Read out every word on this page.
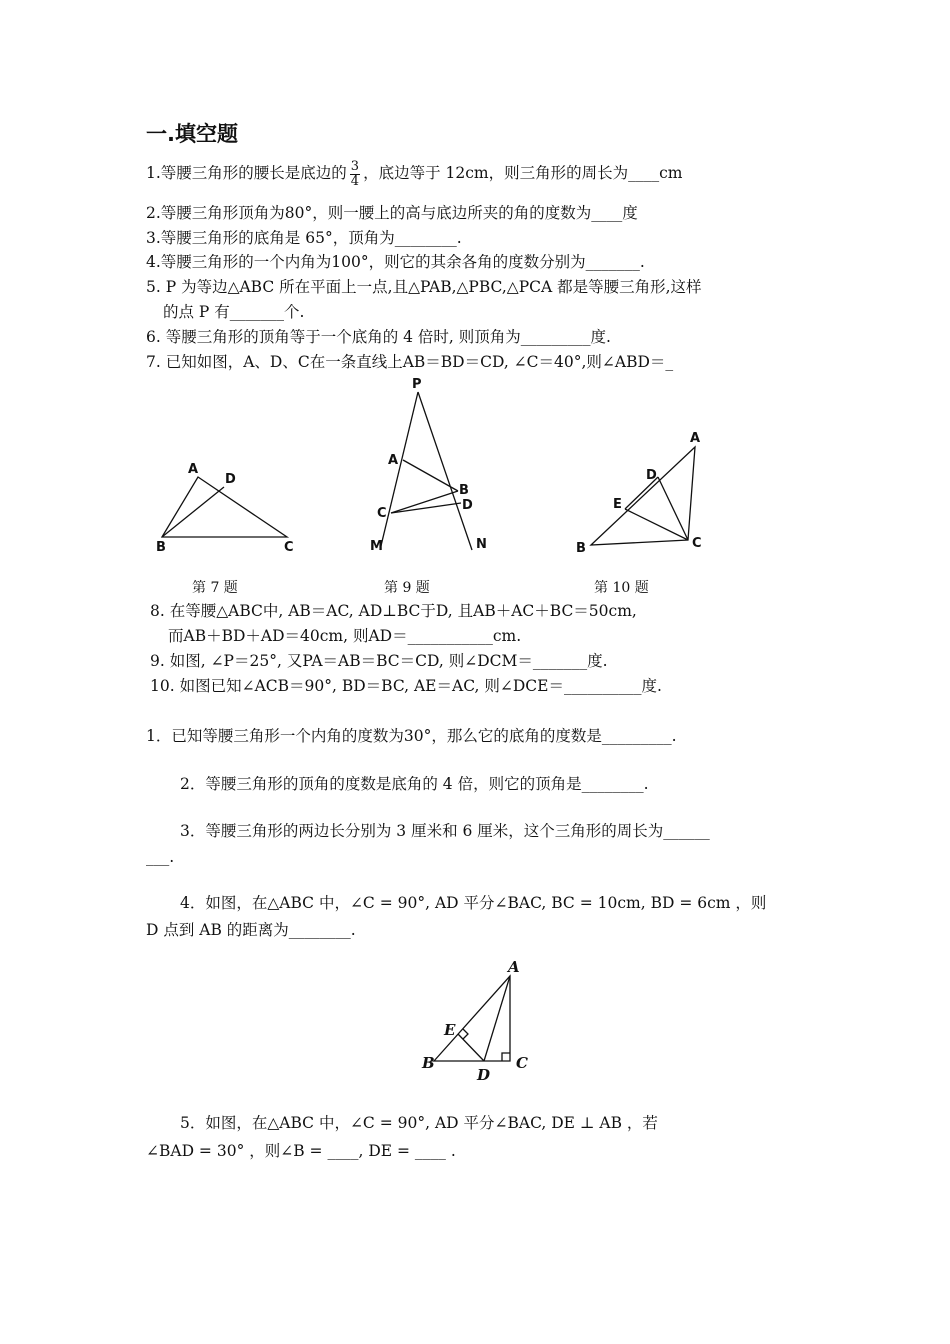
一.填空题
1.等腰三角形的腰长是底边的 $\frac{3}{4}$ ，底边等于 12cm，则三角形的周长为____cm
2.等腰三角形顶角为80°，则一腰上的高与底边所夹的角的度数为____度
3.等腰三角形的底角是 65°，顶角为________.
4.等腰三角形的一个内角为100°，则它的其余各角的度数分别为_______.
5. P 为等边△ABC 所在平面上一点,且△PAB,△PBC,△PCA 都是等腰三角形,这样
的点 P 有_______个.
6. 等腰三角形的顶角等于一个底角的 4 倍时, 则顶角为_________度.
7. 已知如图，A、D、C在一条直线上AB＝BD＝CD, ∠C＝40°,则∠ABD＝_
A
D
B	C
P
A
B
D
C
M	N
A
D
E
B	C
第 7 题	第 9 题	第 10 题
8. 在等腰△ABC中, AB＝AC, AD⊥BC于D, 且AB＋AC＋BC＝50cm,
而AB＋BD＋AD＝40cm, 则AD＝___________cm.
9. 如图, ∠P＝25°, 又PA＝AB＝BC＝CD, 则∠DCM＝_______度.
10. 如图已知∠ACB＝90°, BD＝BC, AE＝AC, 则∠DCE＝__________度.
1．已知等腰三角形一个内角的度数为30°，那么它的底角的度数是_________.
2．等腰三角形的顶角的度数是底角的 4 倍，则它的顶角是________.
3．等腰三角形的两边长分别为 3 厘米和 6 厘米，这个三角形的周长为______
___.
4．如图，在△ABC 中，∠C = 90°, AD 平分∠BAC, BC = 10cm, BD = 6cm ，则
D 点到 AB 的距离为________.
A
E
B
D
C
5．如图，在△ABC 中，∠C = 90°, AD 平分∠BAC, DE ⊥ AB ，若
∠BAD = 30° ，则∠B = ____, DE = ____ .
